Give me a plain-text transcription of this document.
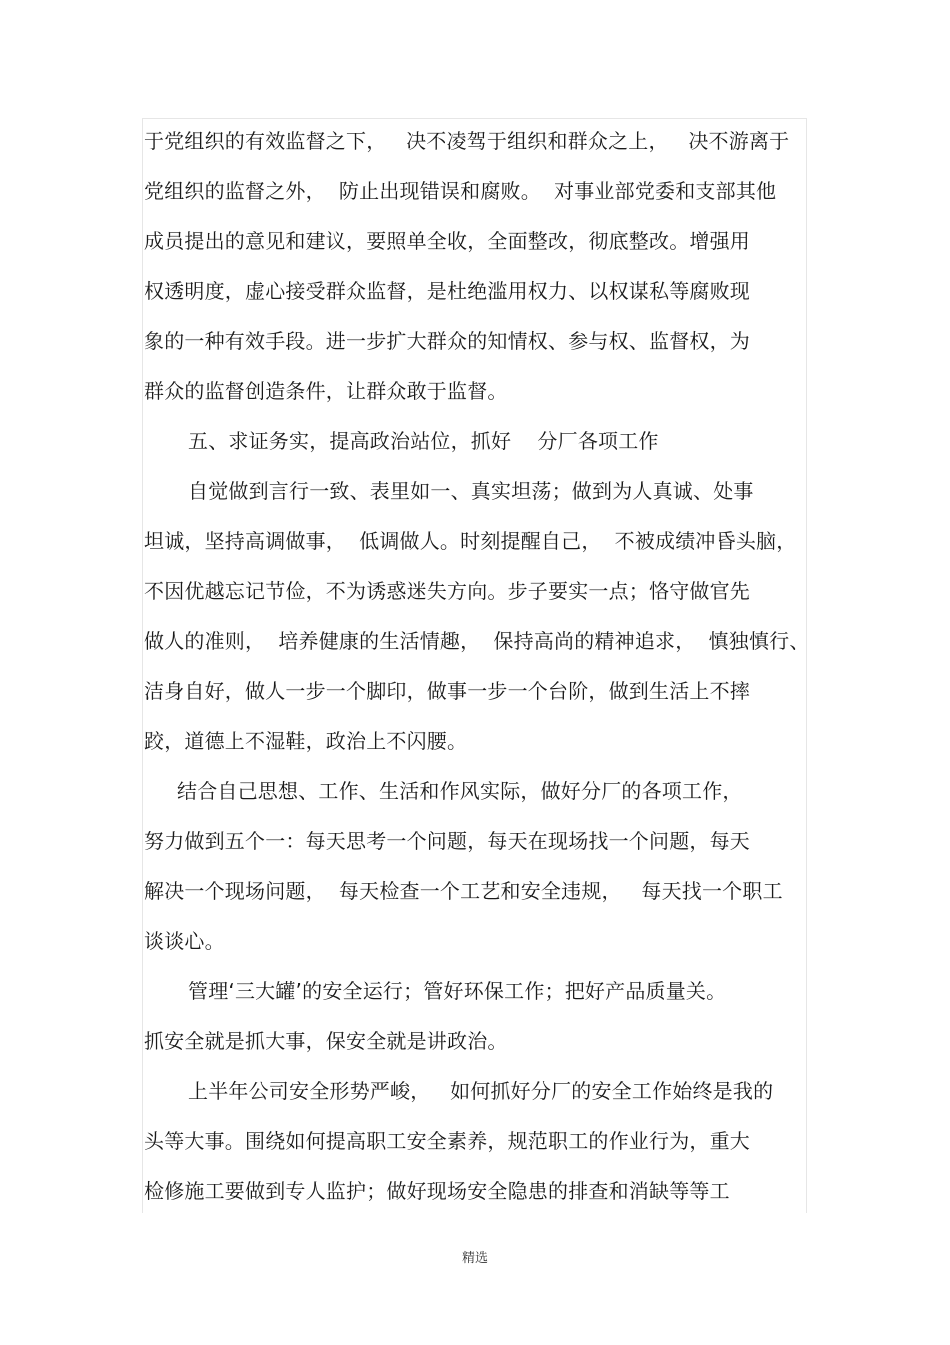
于党组织的有效监督之下，   决不凌驾于组织和群众之上，   决不游离于
党组织的监督之外，  防止出现错误和腐败。  对事业部党委和支部其他
成员提出的意见和建议，要照单全收，全面整改，彻底整改。增强用
权透明度，虚心接受群众监督，是杜绝滥用权力、以权谋私等腐败现
象的一种有效手段。进一步扩大群众的知情权、参与权、监督权，为
群众的监督创造条件，让群众敢于监督。
五、求证务实，提高政治站位，抓好    分厂各项工作
自觉做到言行一致、表里如一、真实坦荡；做到为人真诚、处事
坦诚，坚持高调做事，  低调做人。时刻提醒自己，  不被成绩冲昏头脑，
不因优越忘记节俭，不为诱惑迷失方向。步子要实一点；恪守做官先
做人的准则，  培养健康的生活情趣，  保持高尚的精神追求，  慎独慎行、
洁身自好，做人一步一个脚印，做事一步一个台阶，做到生活上不摔
跤，道德上不湿鞋，政治上不闪腰。
结合自己思想、工作、生活和作风实际，做好分厂的各项工作，
努力做到五个一：每天思考一个问题，每天在现场找一个问题，每天
解决一个现场问题，  每天检查一个工艺和安全违规，   每天找一个职工
谈谈心。
管理‘三大罐’的安全运行；管好环保工作；把好产品质量关。
抓安全就是抓大事，保安全就是讲政治。
上半年公司安全形势严峻，   如何抓好分厂的安全工作始终是我的
头等大事。围绕如何提高职工安全素养，规范职工的作业行为，重大
检修施工要做到专人监护；做好现场安全隐患的排查和消缺等等工
精选
